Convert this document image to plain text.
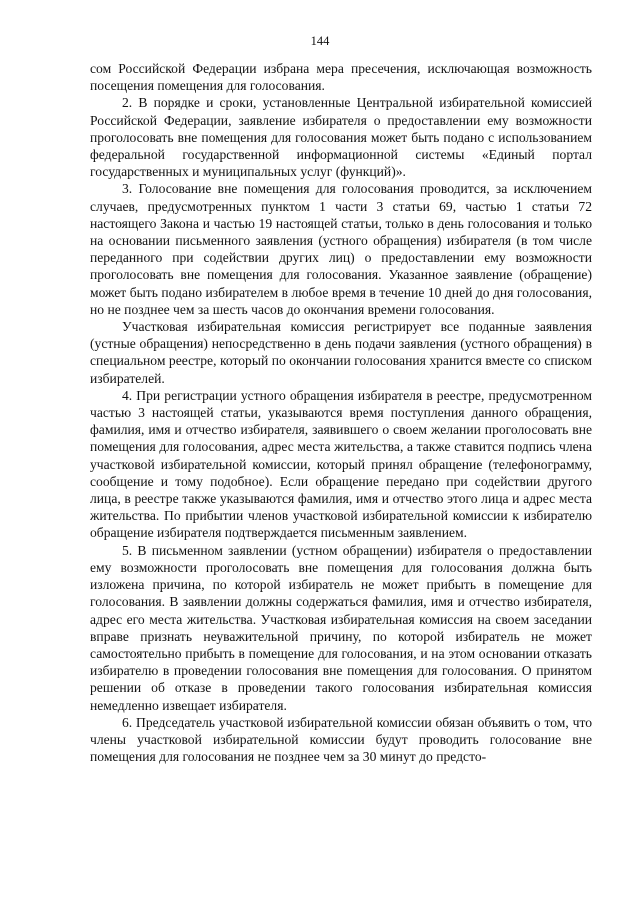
144

сом Российской Федерации избрана мера пресечения, исключающая возможность посещения помещения для голосования.

2. В порядке и сроки, установленные Центральной избирательной комиссией Российской Федерации, заявление избирателя о предоставлении ему возможности проголосовать вне помещения для голосования может быть подано с использованием федеральной государственной информационной системы «Единый портал государственных и муниципальных услуг (функций)».

3. Голосование вне помещения для голосования проводится, за исключением случаев, предусмотренных пунктом 1 части 3 статьи 69, частью 1 статьи 72 настоящего Закона и частью 19 настоящей статьи, только в день голосования и только на основании письменного заявления (устного обращения) избирателя (в том числе переданного при содействии других лиц) о предоставлении ему возможности проголосовать вне помещения для голосования. Указанное заявление (обращение) может быть подано избирателем в любое время в течение 10 дней до дня голосования, но не позднее чем за шесть часов до окончания времени голосования.

Участковая избирательная комиссия регистрирует все поданные заявления (устные обращения) непосредственно в день подачи заявления (устного обращения) в специальном реестре, который по окончании голосования хранится вместе со списком избирателей.

4. При регистрации устного обращения избирателя в реестре, предусмотренном частью 3 настоящей статьи, указываются время поступления данного обращения, фамилия, имя и отчество избирателя, заявившего о своем желании проголосовать вне помещения для голосования, адрес места жительства, а также ставится подпись члена участковой избирательной комиссии, который принял обращение (телефонограмму, сообщение и тому подобное). Если обращение передано при содействии другого лица, в реестре также указываются фамилия, имя и отчество этого лица и адрес места жительства. По прибытии членов участковой избирательной комиссии к избирателю обращение избирателя подтверждается письменным заявлением.

5. В письменном заявлении (устном обращении) избирателя о предоставлении ему возможности проголосовать вне помещения для голосования должна быть изложена причина, по которой избиратель не может прибыть в помещение для голосования. В заявлении должны содержаться фамилия, имя и отчество избирателя, адрес его места жительства. Участковая избирательная комиссия на своем заседании вправе признать неуважительной причину, по которой избиратель не может самостоятельно прибыть в помещение для голосования, и на этом основании отказать избирателю в проведении голосования вне помещения для голосования. О принятом решении об отказе в проведении такого голосования избирательная комиссия немедленно извещает избирателя.

6. Председатель участковой избирательной комиссии обязан объявить о том, что члены участковой избирательной комиссии будут проводить голосование вне помещения для голосования не позднее чем за 30 минут до предсто-
